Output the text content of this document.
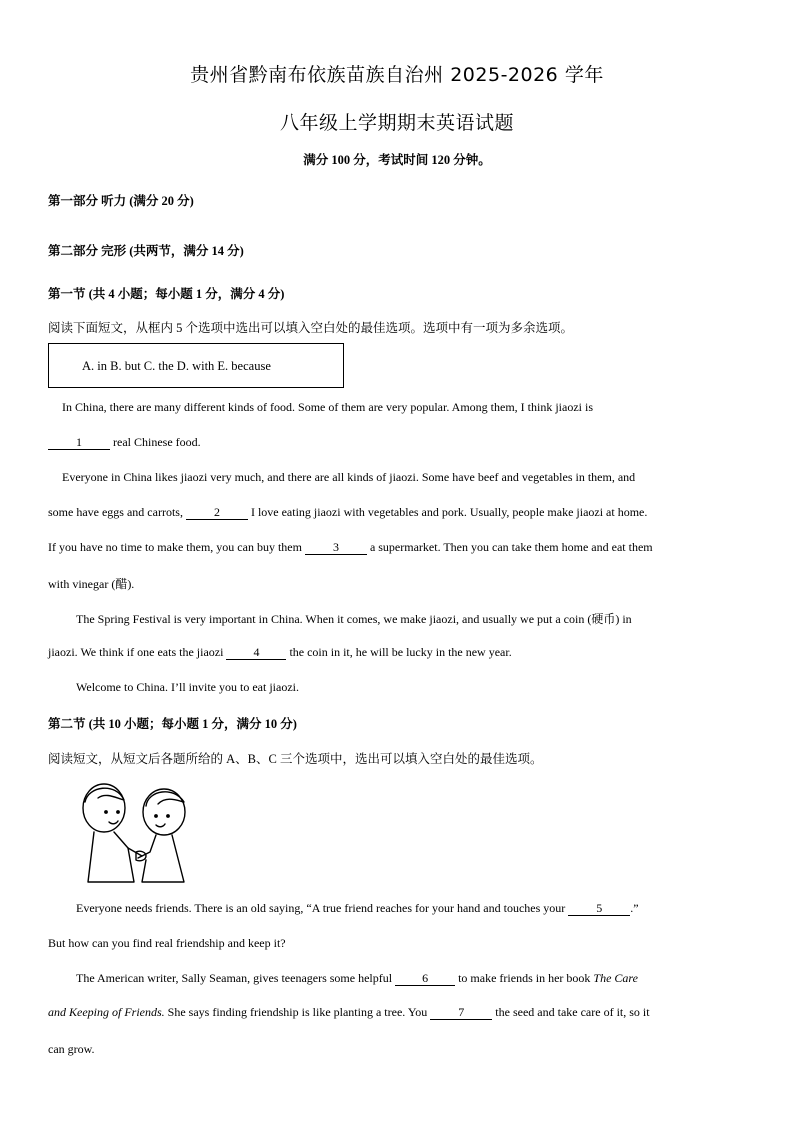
贵州省黔南布依族苗族自治州 2025-2026 学年
八年级上学期期末英语试题
满分 100 分，考试时间 120 分钟。
第一部分 听力 (满分 20 分)
第二部分 完形 (共两节，满分 14 分)
第一节 (共 4 小题；每小题 1 分，满分 4 分)
阅读下面短文，从框内 5 个选项中选出可以填入空白处的最佳选项。选项中有一项为多余选项。
A. in B. but C. the D. with E. because
In China, there are many different kinds of food. Some of them are very popular. Among them, I think jiaozi is
1	real Chinese food.
Everyone in China likes jiaozi very much, and there are all kinds of jiaozi. Some have beef and vegetables in them, and
some have eggs and carrots,	2	I love eating jiaozi with vegetables and pork. Usually, people make jiaozi at home.
If you have no time to make them, you can buy them	3	a supermarket. Then you can take them home and eat them
with vinegar (醋).
The Spring Festival is very important in China. When it comes, we make jiaozi, and usually we put a coin (硬币) in
jiaozi. We think if one eats the jiaozi	4	the coin in it, he will be lucky in the new year.
Welcome to China. I’ll invite you to eat jiaozi.
第二节 (共 10 小题；每小题 1 分，满分 10 分)
阅读短文，从短文后各题所给的 A、B、C 三个选项中，选出可以填入空白处的最佳选项。
Everyone needs friends. There is an old saying, “A true friend reaches for your hand and touches your	5 .”
But how can you find real friendship and keep it?
The American writer, Sally Seaman, gives teenagers some helpful	6	to make friends in her book The Care
and Keeping of Friends. She says finding friendship is like planting a tree. You	7	the seed and take care of it, so it
can grow.
